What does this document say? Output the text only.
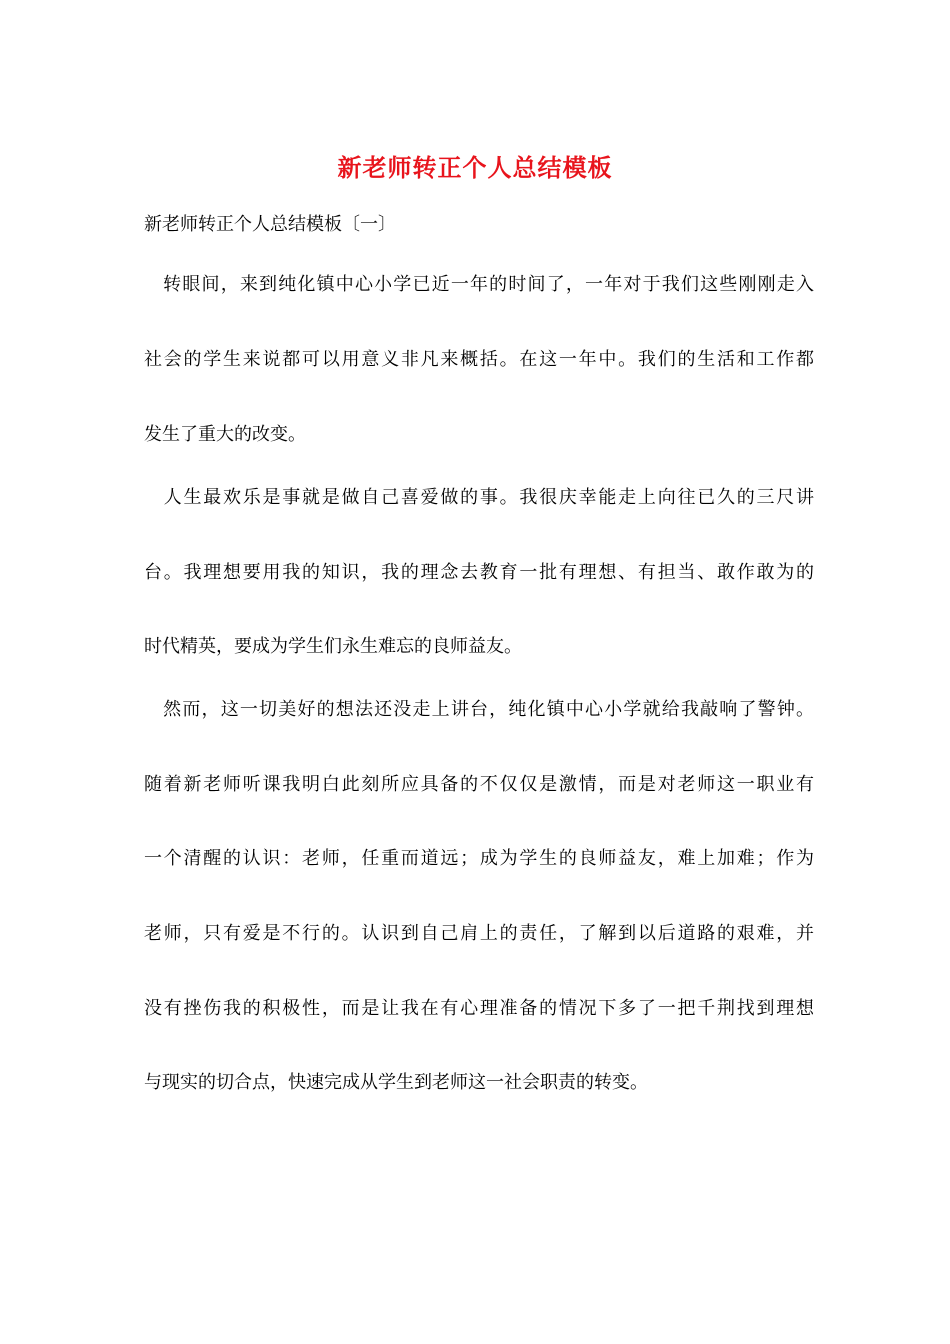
新老师转正个人总结模板
新老师转正个人总结模板〔一〕
　转眼间，来到纯化镇中心小学已近一年的时间了，一年对于我们这些刚刚走入
社会的学生来说都可以用意义非凡来概括。在这一年中。我们的生活和工作都
发生了重大的改变。
　人生最欢乐是事就是做自己喜爱做的事。我很庆幸能走上向往已久的三尺讲
台。我理想要用我的知识，我的理念去教育一批有理想、有担当、敢作敢为的
时代精英，要成为学生们永生难忘的良师益友。
　然而，这一切美好的想法还没走上讲台，纯化镇中心小学就给我敲响了警钟。
随着新老师听课我明白此刻所应具备的不仅仅是激情，而是对老师这一职业有
一个清醒的认识：老师，任重而道远；成为学生的良师益友，难上加难；作为
老师，只有爱是不行的。认识到自己肩上的责任，了解到以后道路的艰难，并
没有挫伤我的积极性，而是让我在有心理准备的情况下多了一把千荆找到理想
与现实的切合点，快速完成从学生到老师这一社会职责的转变。
